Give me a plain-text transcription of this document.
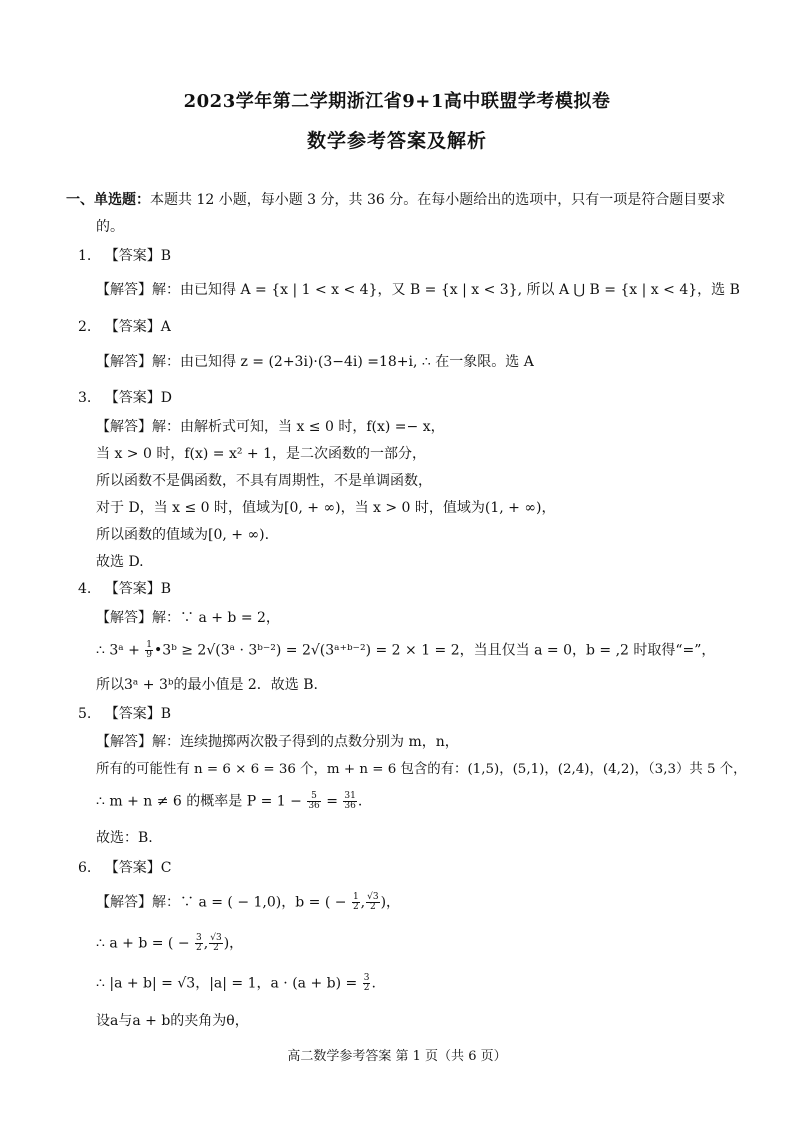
2023学年第二学期浙江省9+1高中联盟学考模拟卷
数学参考答案及解析
一、单选题：本题共 12 小题，每小题 3 分，共 36 分。在每小题给出的选项中，只有一项是符合题目要求
的。
1. 【答案】B
【解答】解：由已知得 A = {x | 1 < x < 4}，又 B = {x | x < 3}, 所以 A ⋃ B = {x | x < 4}，选 B
2. 【答案】A
【解答】解：由已知得 z = (2+3i)·(3−4i) =18+i, ∴ 在一象限。选 A
3. 【答案】D
【解答】解：由解析式可知，当 x ≤ 0 时，f(x) =− x，
当 x > 0 时，f(x) = x² + 1，是二次函数的一部分，
所以函数不是偶函数，不具有周期性，不是单调函数，
对于 D，当 x ≤ 0 时，值域为[0, + ∞)，当 x > 0 时，值域为(1, + ∞)，
所以函数的值域为[0, + ∞).
故选 D.
4. 【答案】B
【解答】解：∵ a + b = 2，
∴ 3ᵃ + $\frac{1}{9}$ •3ᵇ ≥ 2√(3ᵃ · 3ᵇ⁻²) = 2√(3ᵃ⁺ᵇ⁻²) = 2 × 1 = 2，当且仅当 a = 0，b = ,2 时取得“=”，
所以3ᵃ + 3ᵇ的最小值是 2．故选 B.
5. 【答案】B
【解答】解：连续抛掷两次骰子得到的点数分别为 m，n，
所有的可能性有 n = 6 × 6 = 36 个，m + n = 6 包含的有：(1,5)，(5,1)，(2,4)，(4,2)，（3,3）共 5 个，
∴ m + n ≠ 6 的概率是 $P = 1 - \frac{5}{36} = \frac{31}{36}$ .
故选：B.
6. 【答案】C
【解答】解：∵ a = ( − 1,0)，b = ( − $\frac{1}{2}$ , $\frac{√3}{2}$ )，
∴ a + b = ( − $\frac{3}{2}$ , $\frac{√3}{2}$ )，
∴ |a + b| = √3，|a| = 1，$a \cdot (a + b) = \frac{3}{2}$ .
设a与a + b的夹角为θ，
高二数学参考答案 第 1 页（共 6 页）
